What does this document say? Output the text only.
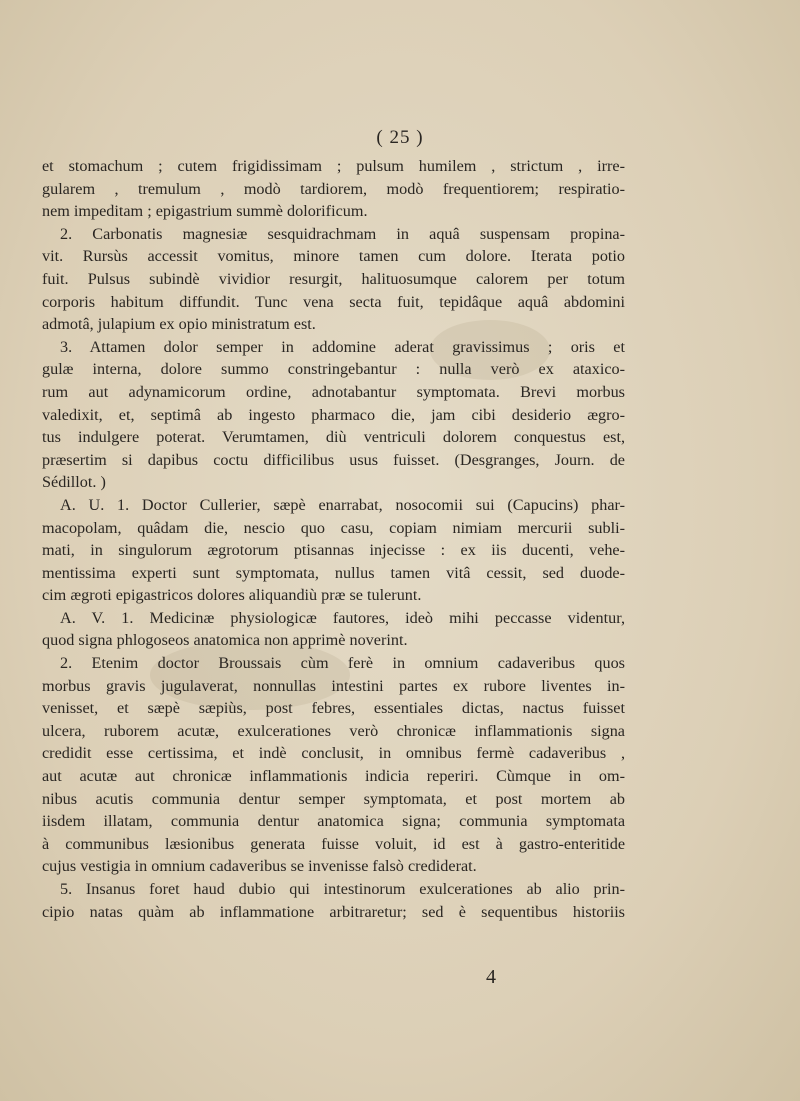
( 25 )
et stomachum ; cutem frigidissimam ; pulsum humilem , strictum , irre-
gularem , tremulum , modò tardiorem, modò frequentiorem; respiratio-
nem impeditam ; epigastrium summè dolorificum.
2. Carbonatis magnesiæ sesquidrachmam in aquâ suspensam propina-
vit. Rursùs accessit vomitus, minore tamen cum dolore. Iterata potio
fuit. Pulsus subindè vividior resurgit, halituosumque calorem per totum
corporis habitum diffundit. Tunc vena secta fuit, tepidâque aquâ abdomini
admotâ, julapium ex opio ministratum est.
3. Attamen dolor semper in addomine aderat gravissimus ; oris et
gulæ interna, dolore summo constringebantur : nulla verò ex ataxico-
rum aut adynamicorum ordine, adnotabantur symptomata. Brevi morbus
valedixit, et, septimâ ab ingesto pharmaco die, jam cibi desiderio ægro-
tus indulgere poterat. Verumtamen, diù ventriculi dolorem conquestus est,
præsertim si dapibus coctu difficilibus usus fuisset. (Desgranges, Journ. de
Sédillot. )
A. U. 1. Doctor Cullerier, sæpè enarrabat, nosocomii sui (Capucins) phar-
macopolam, quâdam die, nescio quo casu, copiam nimiam mercurii subli-
mati, in singulorum ægrotorum ptisannas injecisse : ex iis ducenti, vehe-
mentissima experti sunt symptomata, nullus tamen vitâ cessit, sed duode-
cim ægroti epigastricos dolores aliquandiù præ se tulerunt.
A. V. 1. Medicinæ physiologicæ fautores, ideò mihi peccasse videntur,
quod signa phlogoseos anatomica non apprimè noverint.
2. Etenim doctor Broussais cùm ferè in omnium cadaveribus quos
morbus gravis jugulaverat, nonnullas intestini partes ex rubore liventes in-
venisset, et sæpè sæpiùs, post febres, essentiales dictas, nactus fuisset
ulcera, ruborem acutæ, exulcerationes verò chronicæ inflammationis signa
credidit esse certissima, et indè conclusit, in omnibus fermè cadaveribus ,
aut acutæ aut chronicæ inflammationis indicia reperiri. Cùmque in om-
nibus acutis communia dentur semper symptomata, et post mortem ab
iisdem illatam, communia dentur anatomica signa; communia symptomata
à communibus læsionibus generata fuisse voluit, id est à gastro-enteritide
cujus vestigia in omnium cadaveribus se invenisse falsò crediderat.
5. Insanus foret haud dubio qui intestinorum exulcerationes ab alio prin-
cipio natas quàm ab inflammatione arbitraretur; sed è sequentibus historiis
4
